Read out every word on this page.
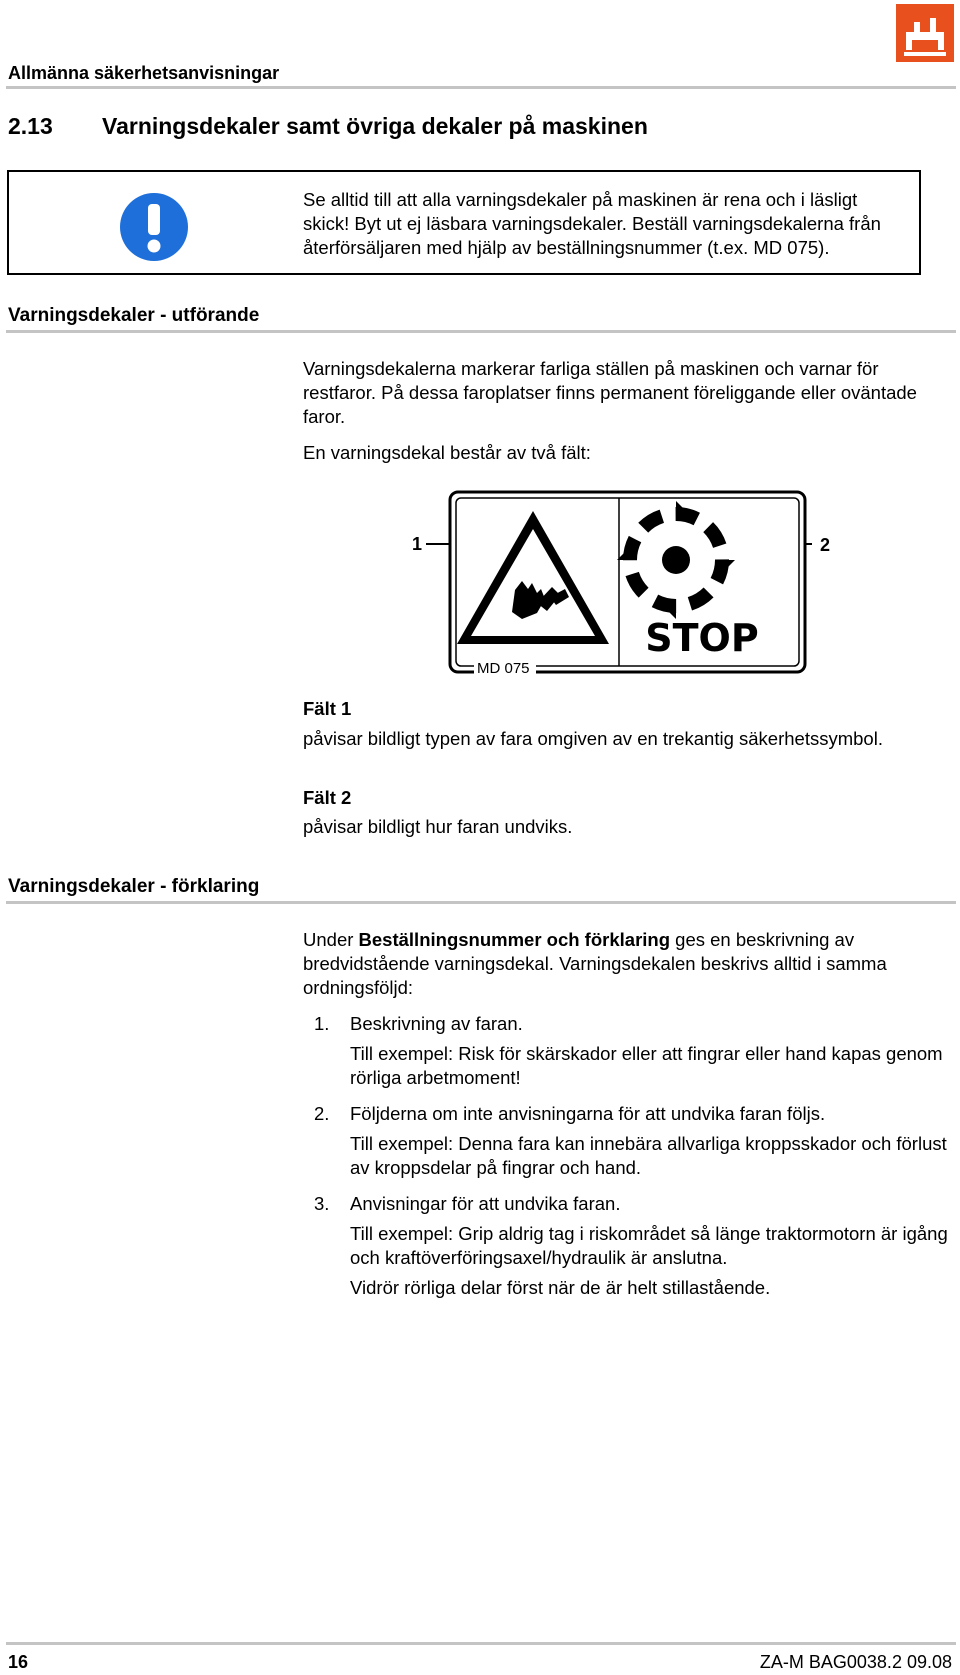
Allmänna säkerhetsanvisningar
2.13 Varningsdekaler samt övriga dekaler på maskinen
Se alltid till att alla varningsdekaler på maskinen är rena och i läsligt skick! Byt ut ej läsbara varningsdekaler. Beställ varningsdekalerna från återförsäljaren med hjälp av beställningsnummer (t.ex. MD 075).
Varningsdekaler - utförande

Varningsdekalerna markerar farliga ställen på maskinen och varnar för restfaror. På dessa faroplatser finns permanent föreliggande eller oväntade faror.

En varningsdekal består av två fält:

1	2
STOP
MD 075
Fält 1

påvisar bildligt typen av fara omgiven av en trekantig säkerhetssymbol.

Fält 2

påvisar bildligt hur faran undviks.

Varningsdekaler - förklaring

Under Beställningsnummer och förklaring ges en beskrivning av bredvidstående varningsdekal. Varningsdekalen beskrivs alltid i samma ordningsföljd:

1. Beskrivning av faran.

Till exempel: Risk för skärskador eller att fingrar eller hand kapas genom rörliga arbetmoment!

2. Följderna om inte anvisningarna för att undvika faran följs.

Till exempel: Denna fara kan innebära allvarliga kroppsskador och förlust av kroppsdelar på fingrar och hand.

3. Anvisningar för att undvika faran.

Till exempel: Grip aldrig tag i riskområdet så länge traktormotorn är igång och kraftöverföringsaxel/hydraulik är anslutna.

Vidrör rörliga delar först när de är helt stillastående.

16	ZA-M BAG0038.2 09.08
